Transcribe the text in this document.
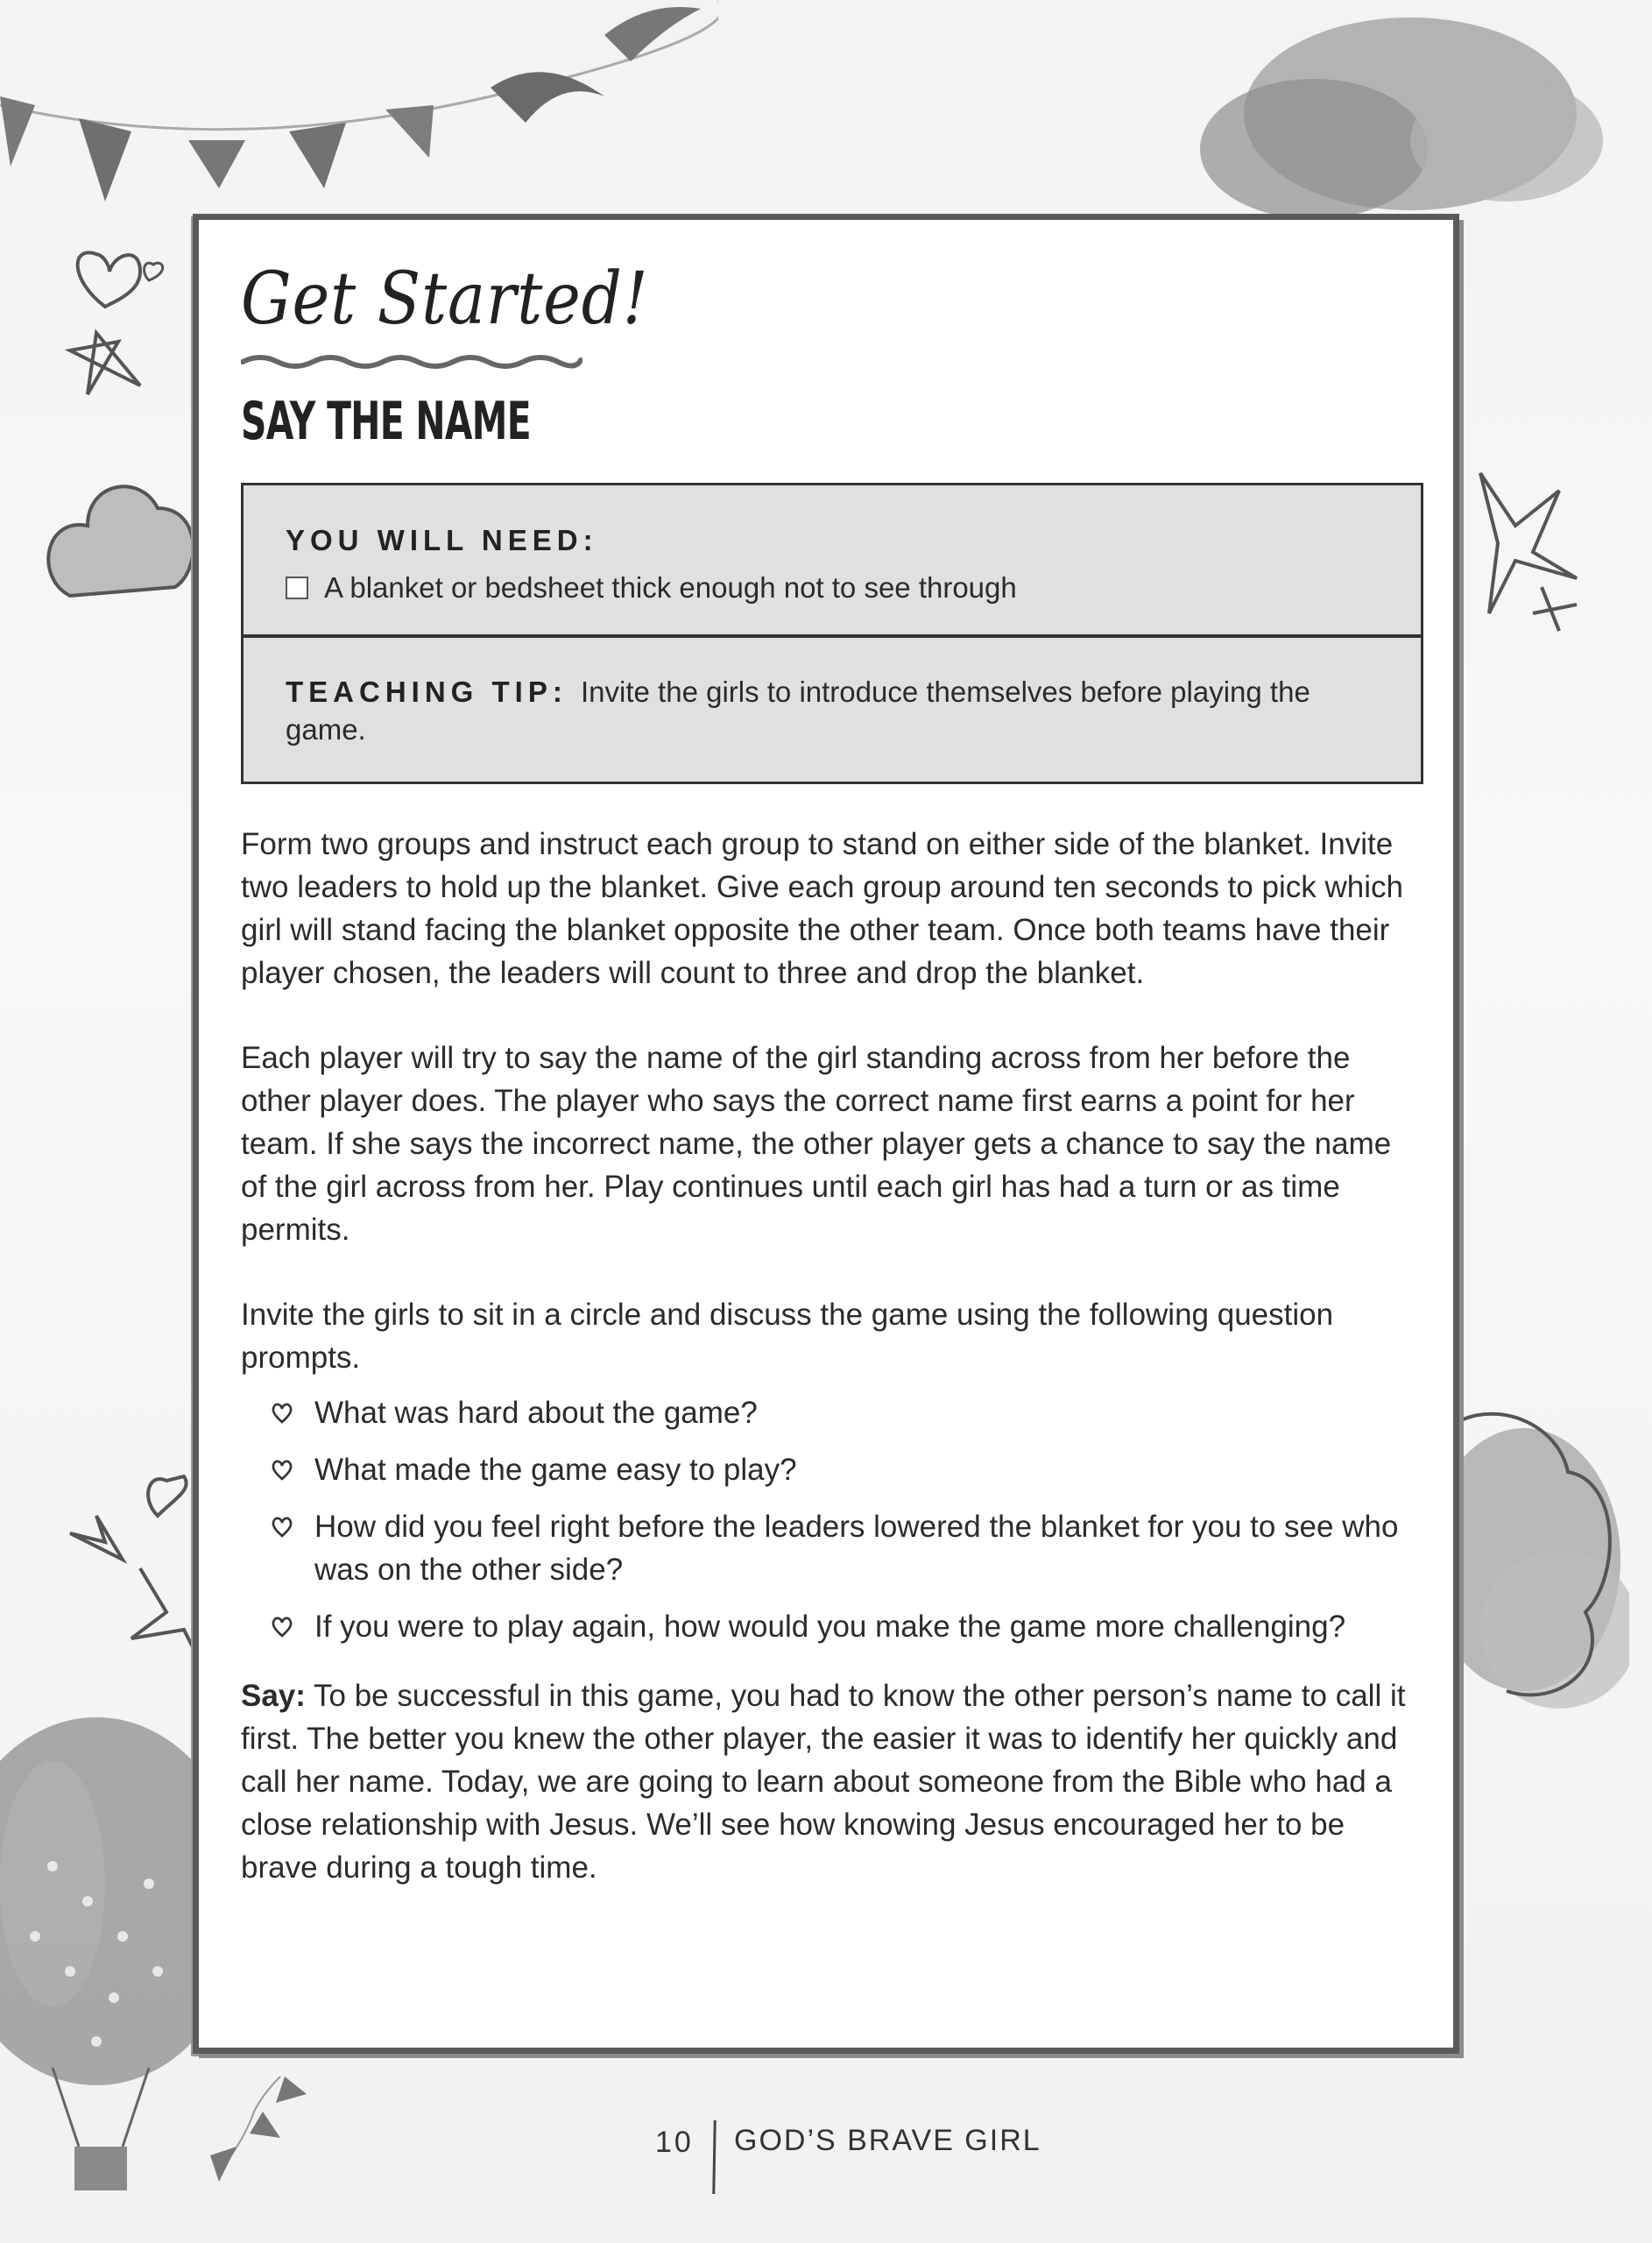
Get Started!
SAY THE NAME
YOU WILL NEED:
A blanket or bedsheet thick enough not to see through
TEACHING TIP: Invite the girls to introduce themselves before playing the game.

Form two groups and instruct each group to stand on either side of the blanket. Invite two leaders to hold up the blanket. Give each group around ten seconds to pick which girl will stand facing the blanket opposite the other team. Once both teams have their player chosen, the leaders will count to three and drop the blanket.

Each player will try to say the name of the girl standing across from her before the other player does. The player who says the correct name first earns a point for her team. If she says the incorrect name, the other player gets a chance to say the name of the girl across from her. Play continues until each girl has had a turn or as time permits.

Invite the girls to sit in a circle and discuss the game using the following question prompts.

What was hard about the game?
What made the game easy to play?
How did you feel right before the leaders lowered the blanket for you to see who was on the other side?
If you were to play again, how would you make the game more challenging?

Say: To be successful in this game, you had to know the other person’s name to call it first. The better you knew the other player, the easier it was to identify her quickly and call her name. Today, we are going to learn about someone from the Bible who had a close relationship with Jesus. We’ll see how knowing Jesus encouraged her to be brave during a tough time.

10 GOD’S BRAVE GIRL
